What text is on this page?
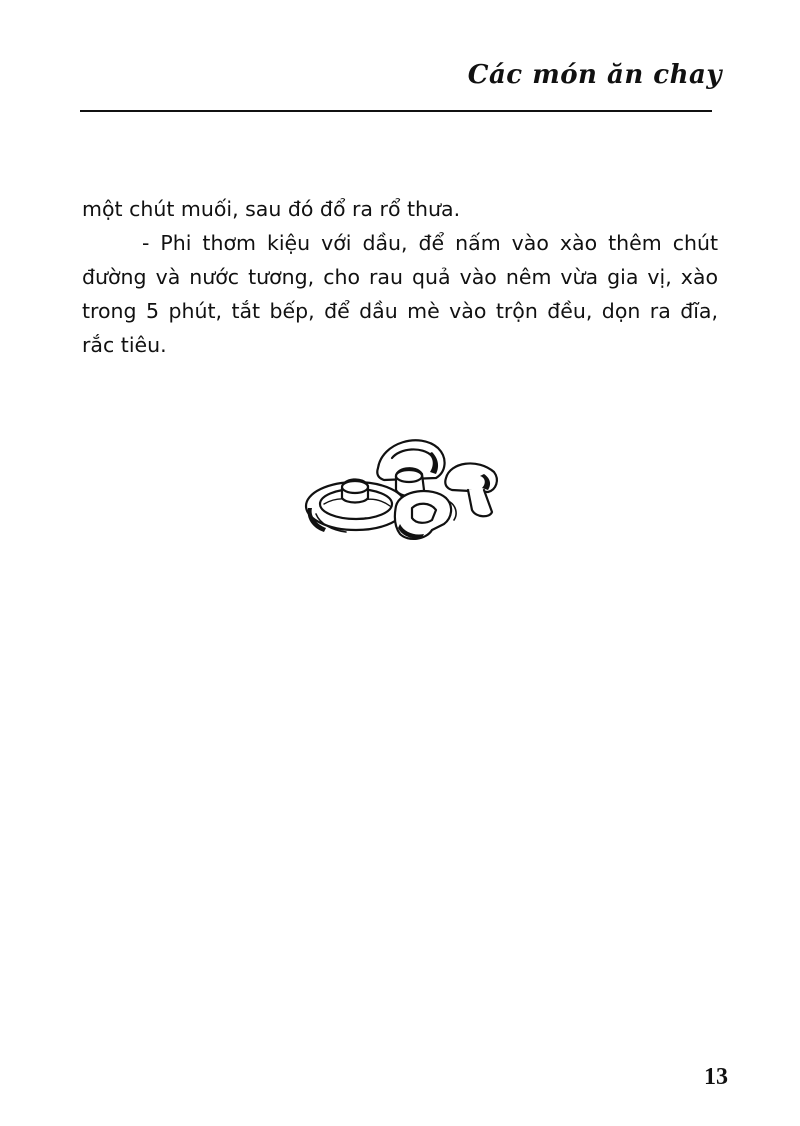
Các món ăn chay

một chút muối, sau đó đổ ra rổ thưa.

- Phi thơm kiệu với dầu, để nấm vào xào thêm chút đường và nước tương, cho rau quả vào nêm vừa gia vị, xào trong 5 phút, tắt bếp, để dầu mè vào trộn đều, dọn ra đĩa, rắc tiêu.

13
